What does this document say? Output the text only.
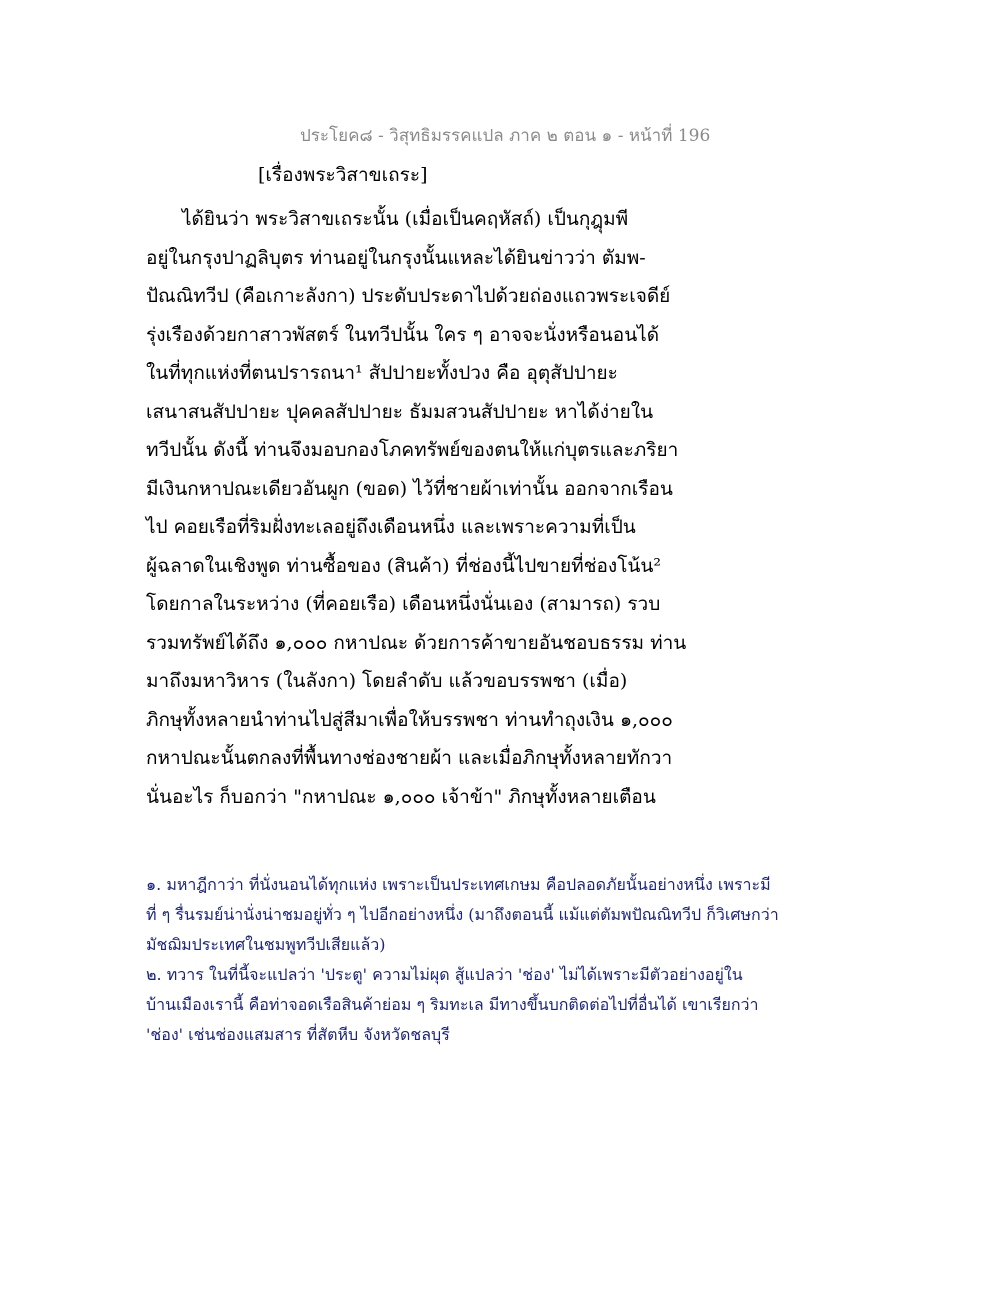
ประโยค๘ - วิสุทธิมรรคแปล ภาค ๒ ตอน ๑ - หน้าที่ 196
[เรื่องพระวิสาขเถระ]
ได้ยินว่า พระวิสาขเถระนั้น (เมื่อเป็นคฤหัสถ์) เป็นกุฎุมพี
อยู่ในกรุงปาฏลิบุตร ท่านอยู่ในกรุงนั้นแหละได้ยินข่าวว่า ตัมพ-
ปัณณิทวีป (คือเกาะลังกา) ประดับประดาไปด้วยถ่องแถวพระเจดีย์
รุ่งเรืองด้วยกาสาวพัสตร์ ในทวีปนั้น ใคร ๆ อาจจะนั่งหรือนอนได้
ในที่ทุกแห่งที่ตนปรารถนา¹ สัปปายะทั้งปวง คือ อุตุสัปปายะ
เสนาสนสัปปายะ ปุคคลสัปปายะ ธัมมสวนสัปปายะ หาได้ง่ายใน
ทวีปนั้น ดังนี้ ท่านจึงมอบกองโภคทรัพย์ของตนให้แก่บุตรและภริยา
มีเงินกหาปณะเดียวอันผูก (ขอด) ไว้ที่ชายผ้าเท่านั้น ออกจากเรือน
ไป คอยเรือที่ริมฝั่งทะเลอยู่ถึงเดือนหนึ่ง และเพราะความที่เป็น
ผู้ฉลาดในเชิงพูด ท่านซื้อของ (สินค้า) ที่ช่องนี้ไปขายที่ช่องโน้น²
โดยกาลในระหว่าง (ที่คอยเรือ) เดือนหนึ่งนั่นเอง (สามารถ) รวบ
รวมทรัพย์ได้ถึง ๑,๐๐๐ กหาปณะ ด้วยการค้าขายอันชอบธรรม ท่าน
มาถึงมหาวิหาร (ในลังกา) โดยลำดับ แล้วขอบรรพชา (เมื่อ)
ภิกษุทั้งหลายนำท่านไปสู่สีมาเพื่อให้บรรพชา ท่านทำถุงเงิน ๑,๐๐๐
กหาปณะนั้นตกลงที่พื้นทางช่องชายผ้า และเมื่อภิกษุทั้งหลายทักวา
นั่นอะไร ก็บอกว่า "กหาปณะ ๑,๐๐๐ เจ้าข้า" ภิกษุทั้งหลายเตือน
๑. มหาฎีกาว่า ที่นั่งนอนได้ทุกแห่ง เพราะเป็นประเทศเกษม คือปลอดภัยนั้นอย่างหนึ่ง เพราะมี
ที่ ๆ รื่นรมย์น่านั่งน่าชมอยู่ทั่ว ๆ ไปอีกอย่างหนึ่ง (มาถึงตอนนี้ แม้แต่ตัมพปัณณิทวีป ก็วิเศษกว่า
มัชฌิมประเทศในชมพูทวีปเสียแล้ว)
๒. ทวาร ในที่นี้จะแปลว่า 'ประตู' ความไม่ผุด สู้แปลว่า 'ช่อง' ไม่ได้เพราะมีตัวอย่างอยู่ใน
บ้านเมืองเรานี้ คือท่าจอดเรือสินค้าย่อม ๆ ริมทะเล มีทางขึ้นบกติดต่อไปที่อื่นได้ เขาเรียกว่า
'ช่อง' เช่นช่องแสมสาร ที่สัตหีบ จังหวัดชลบุรี
